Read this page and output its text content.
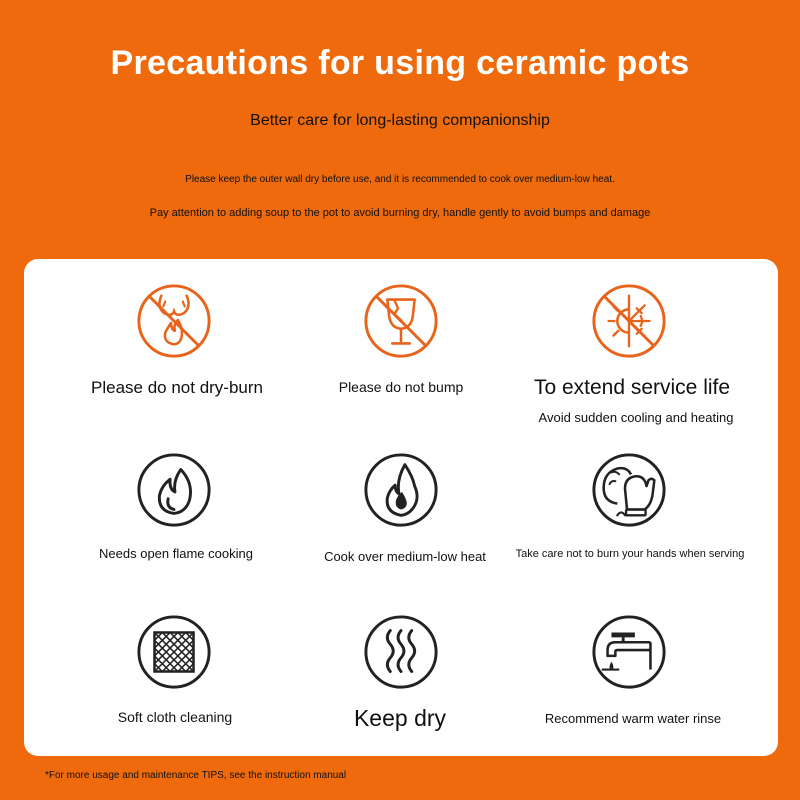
Precautions for using ceramic pots
Better care for long-lasting companionship
Please keep the outer wall dry before use, and it is recommended to cook over medium-low heat.
Pay attention to adding soup to the pot to avoid burning dry, handle gently to avoid bumps and damage
Please do not dry-burn	Please do not bump	To extend service life
Avoid sudden cooling and heating
Needs open flame cooking	Cook over medium-low heat	Take care not to burn your hands when serving
Soft cloth cleaning	Keep dry	Recommend warm water rinse
*For more usage and maintenance TIPS, see the instruction manual
